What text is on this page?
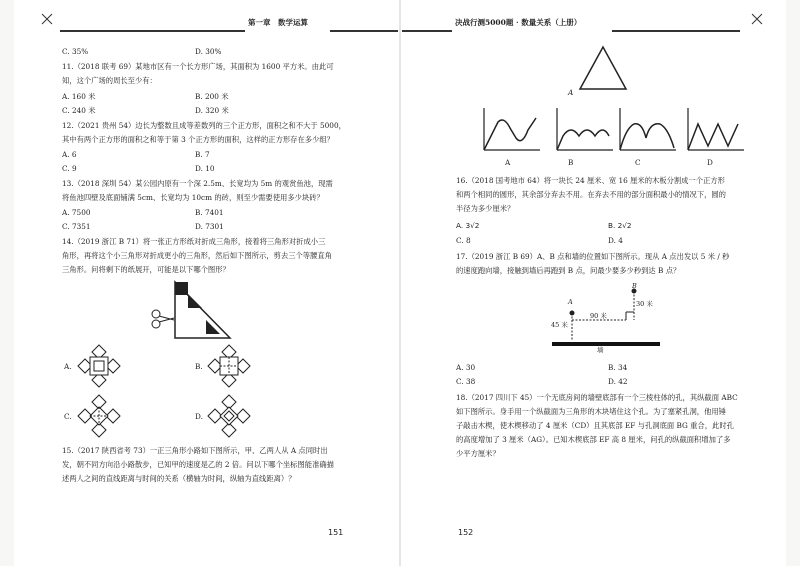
第一章　数学运算	决战行测5000题 · 数量关系（上册）
C. 35%	D. 30%
11.（2018 联考 69）某地市区有一个长方形广场，其面积为 1600 平方米。由此可
知，这个广场的周长至少有：
A. 160 米	B. 200 米
C. 240 米	D. 320 米
12.（2021 贵州 54）边长为整数且成等差数列的三个正方形，面积之和不大于 5000，
其中有两个正方形的面积之和等于第 3 个正方形的面积，这样的正方形存在多少组？
A. 6	B. 7
C. 9	D. 10
13.（2018 深圳 54）某公园内原有一个深 2.5m、长宽均为 5m 的观赏鱼池，现需
将鱼池四壁及底面铺满 5cm、长宽均为 10cm 的砖，则至少需要使用多少块砖？
A. 7500	B. 7401
C. 7351	D. 7301
14.（2019 浙江 B 71）将一张正方形纸对折成三角形，接着将三角形对折成小三
角形，再将这个小三角形对折成更小的三角形，然后如下图所示，剪去三个等腰直角
三角形。问将剩下的纸展开，可能是以下哪个图形？
A.	B.
C.	D.
15.（2017 陕西省考 73）一正三角形小路如下图所示，甲、乙两人从 A 点同时出
发，朝不同方向沿小路散步，已知甲的速度是乙的 2 倍。问以下哪个坐标图能准确描
述两人之间的直线距离与时间的关系（横轴为时间，纵轴为直线距离）？
151
A
A	B	C	D
16.（2018 国考地市 64）将一块长 24 厘米、宽 16 厘米的木板分割成一个正方形
和两个相同的圆形，其余部分弃去不用。在弃去不用的部分面积最小的情况下，圆的
半径为多少厘米？
A. 3√2	B. 2√2
C. 8	D. 4
17.（2019 浙江 B 69）A、B 点和墙的位置如下图所示。现从 A 点出发以 5 米 / 秒
的速度跑向墙，接触到墙后再跑到 B 点，问最少要多少秒到达 B 点？
A
B
30 米
90 米
45 米
墙
A. 30	B. 34
C. 38	D. 42
18.（2017 四川下 45）一个无底房间的墙壁底部有一个三棱柱体的孔，其纵截面 ABC
如下图所示。身手用一个纵截面为三角形的木块堵住这个孔。为了塞紧孔洞，他用锤
子敲击木楔，使木楔移动了 4 厘米（CD）且其底部 EF 与孔洞底面 BG 重合，此时孔
的高度增加了 3 厘米（AG）。已知木楔底部 EF 高 8 厘米，问孔的纵截面积增加了多
少平方厘米？
152
